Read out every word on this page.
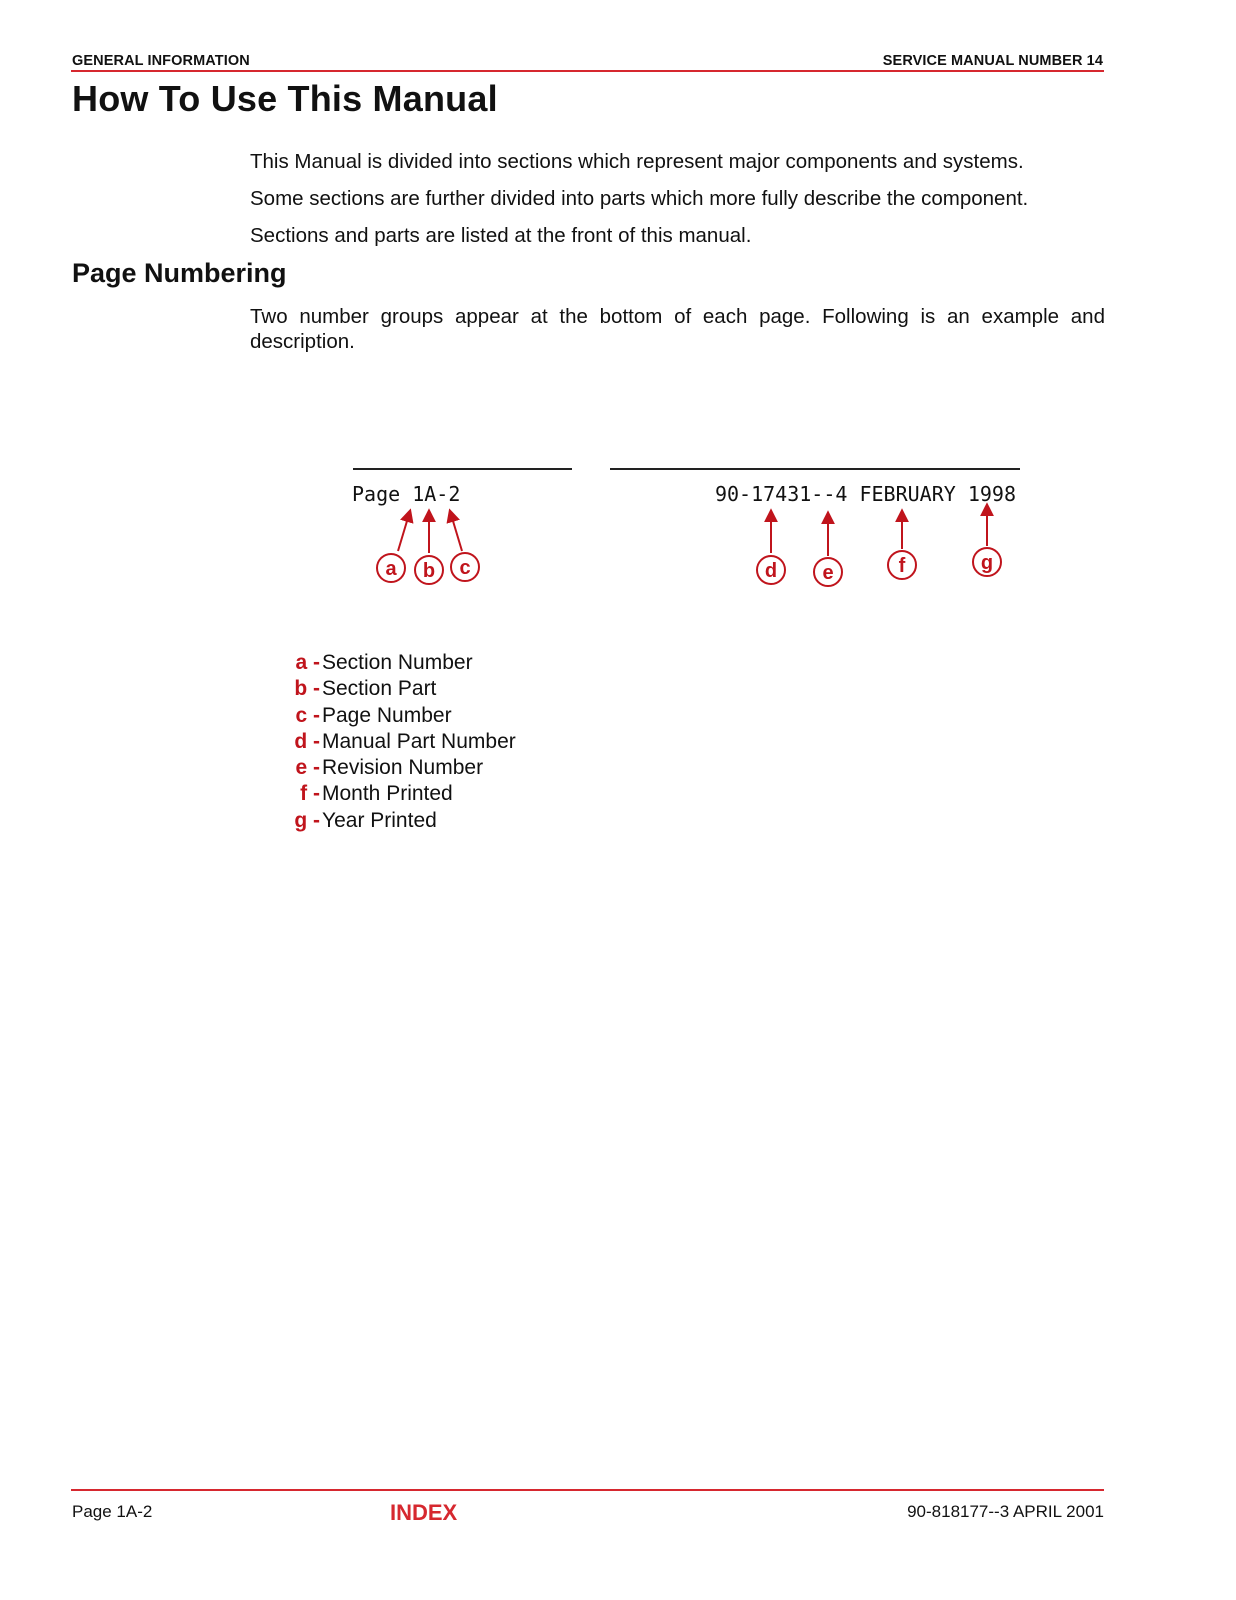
GENERAL INFORMATION	SERVICE MANUAL NUMBER 14
How To Use This Manual

This Manual is divided into sections which represent major components and systems.

Some sections are further divided into parts which more fully describe the component.

Sections and parts are listed at the front of this manual.

Page Numbering

Two number groups appear at the bottom of each page. Following is an example and description.

Page 1A-2	90-17431--4 FEBRUARY 1998
a b c	d e	f	g
a - Section Number
b - Section Part
c - Page Number
d - Manual Part Number
e - Revision Number
f - Month Printed
g - Year Printed
Page 1A-2	INDEX	90-818177--3 APRIL 2001
